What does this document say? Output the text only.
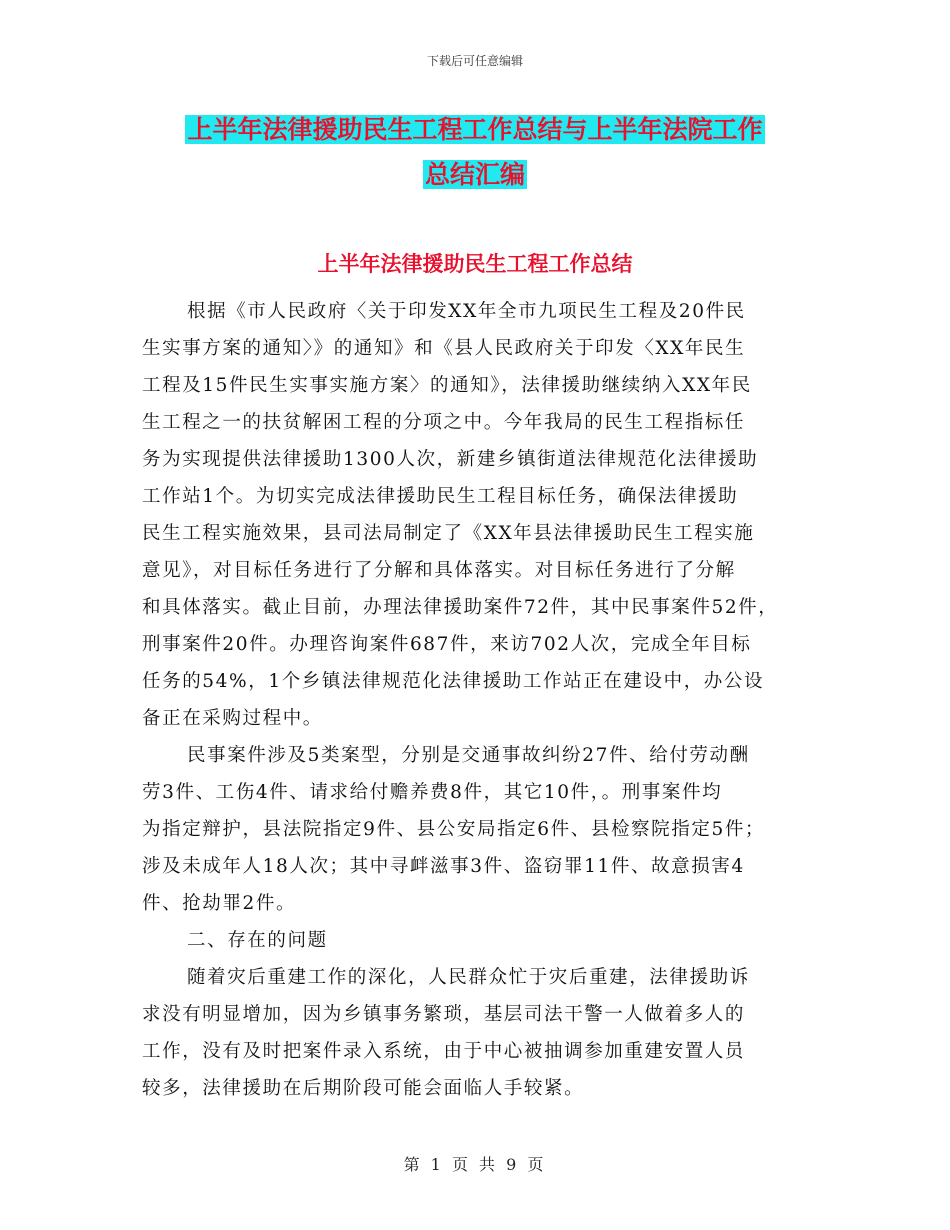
下载后可任意编辑
上半年法律援助民生工程工作总结与上半年法院工作
总结汇编
上半年法律援助民生工程工作总结
根据《市人民政府〈关于印发XX年全市九项民生工程及20件民
生实事方案的通知〉》的通知》和《县人民政府关于印发〈XX年民生
工程及15件民生实事实施方案〉的通知》，法律援助继续纳入XX年民
生工程之一的扶贫解困工程的分项之中。今年我局的民生工程指标任
务为实现提供法律援助1300人次，新建乡镇街道法律规范化法律援助
工作站1个。为切实完成法律援助民生工程目标任务，确保法律援助
民生工程实施效果，县司法局制定了《XX年县法律援助民生工程实施
意见》，对目标任务进行了分解和具体落实。对目标任务进行了分解
和具体落实。截止目前，办理法律援助案件72件，其中民事案件52件，
刑事案件20件。办理咨询案件687件，来访702人次，完成全年目标
任务的54%，1个乡镇法律规范化法律援助工作站正在建设中，办公设
备正在采购过程中。
民事案件涉及5类案型，分别是交通事故纠纷27件、给付劳动酬
劳3件、工伤4件、请求给付赡养费8件，其它10件，。刑事案件均
为指定辩护，县法院指定9件、县公安局指定6件、县检察院指定5件；
涉及未成年人18人次；其中寻衅滋事3件、盗窃罪11件、故意损害4
件、抢劫罪2件。
二、存在的问题
随着灾后重建工作的深化，人民群众忙于灾后重建，法律援助诉
求没有明显增加，因为乡镇事务繁琐，基层司法干警一人做着多人的
工作，没有及时把案件录入系统，由于中心被抽调参加重建安置人员
较多，法律援助在后期阶段可能会面临人手较紧。
第 1 页 共 9 页
